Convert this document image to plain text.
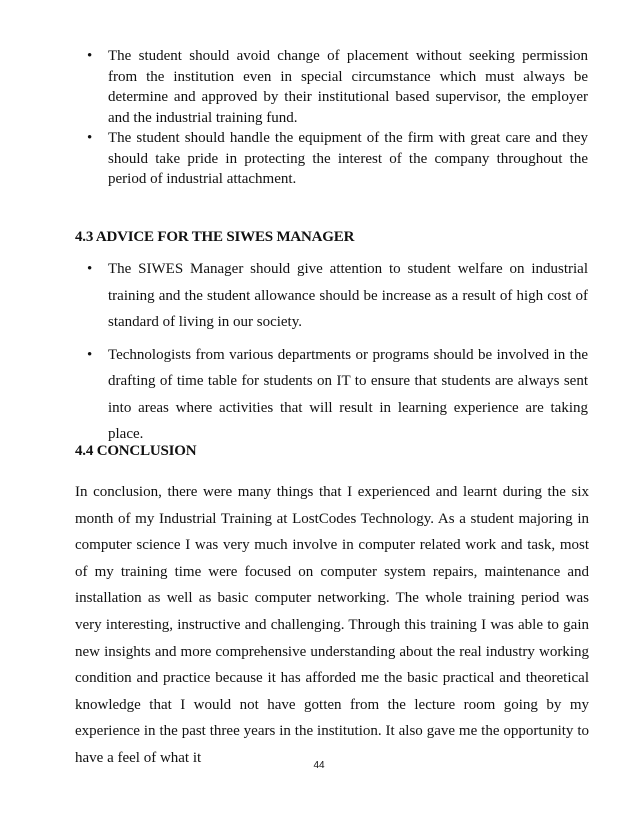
• The student should avoid change of placement without seeking permission from the institution even in special circumstance which must always be determine and approved by their institutional based supervisor, the employer and the industrial training fund.
• The student should handle the equipment of the firm with great care and they should take pride in protecting the interest of the company throughout the period of industrial attachment.
4.3 ADVICE FOR THE SIWES MANAGER
• The SIWES Manager should give attention to student welfare on industrial training and the student allowance should be increase as a result of high cost of standard of living in our society.
• Technologists from various departments or programs should be involved in the drafting of time table for students on IT to ensure that students are always sent into areas where activities that will result in learning experience are taking place.
4.4 CONCLUSION

In conclusion, there were many things that I experienced and learnt during the six month of my Industrial Training at LostCodes Technology. As a student majoring in computer science I was very much involve in computer related work and task, most of my training time were focused on computer system repairs, maintenance and installation as well as basic computer networking. The whole training period was very interesting, instructive and challenging. Through this training I was able to gain new insights and more comprehensive understanding about the real industry working condition and practice because it has afforded me the basic practical and theoretical knowledge that I would not have gotten from the lecture room going by my experience in the past three years in the institution. It also gave me the opportunity to have a feel of what it	44
